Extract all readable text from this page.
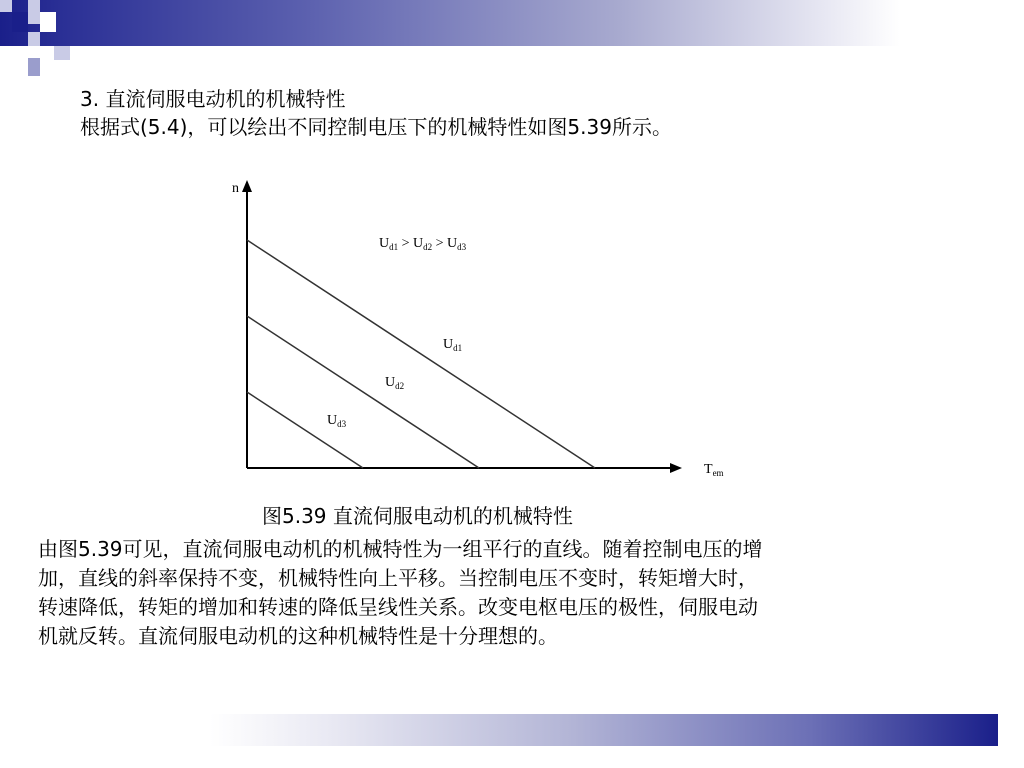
3. 直流伺服电动机的机械特性
根据式(5.4)，可以绘出不同控制电压下的机械特性如图5.39所示。
n
$T_{em}$
$U_{d1} > U_{d2} > U_{d3}$
$U_{d1}$
$U_{d2}$
$U_{d3}$
图5.39 直流伺服电动机的机械特性
由图5.39可见，直流伺服电动机的机械特性为一组平行的直线。随着控制电压的增
加，直线的斜率保持不变，机械特性向上平移。当控制电压不变时，转矩增大时，
转速降低，转矩的增加和转速的降低呈线性关系。改变电枢电压的极性，伺服电动
机就反转。直流伺服电动机的这种机械特性是十分理想的。
